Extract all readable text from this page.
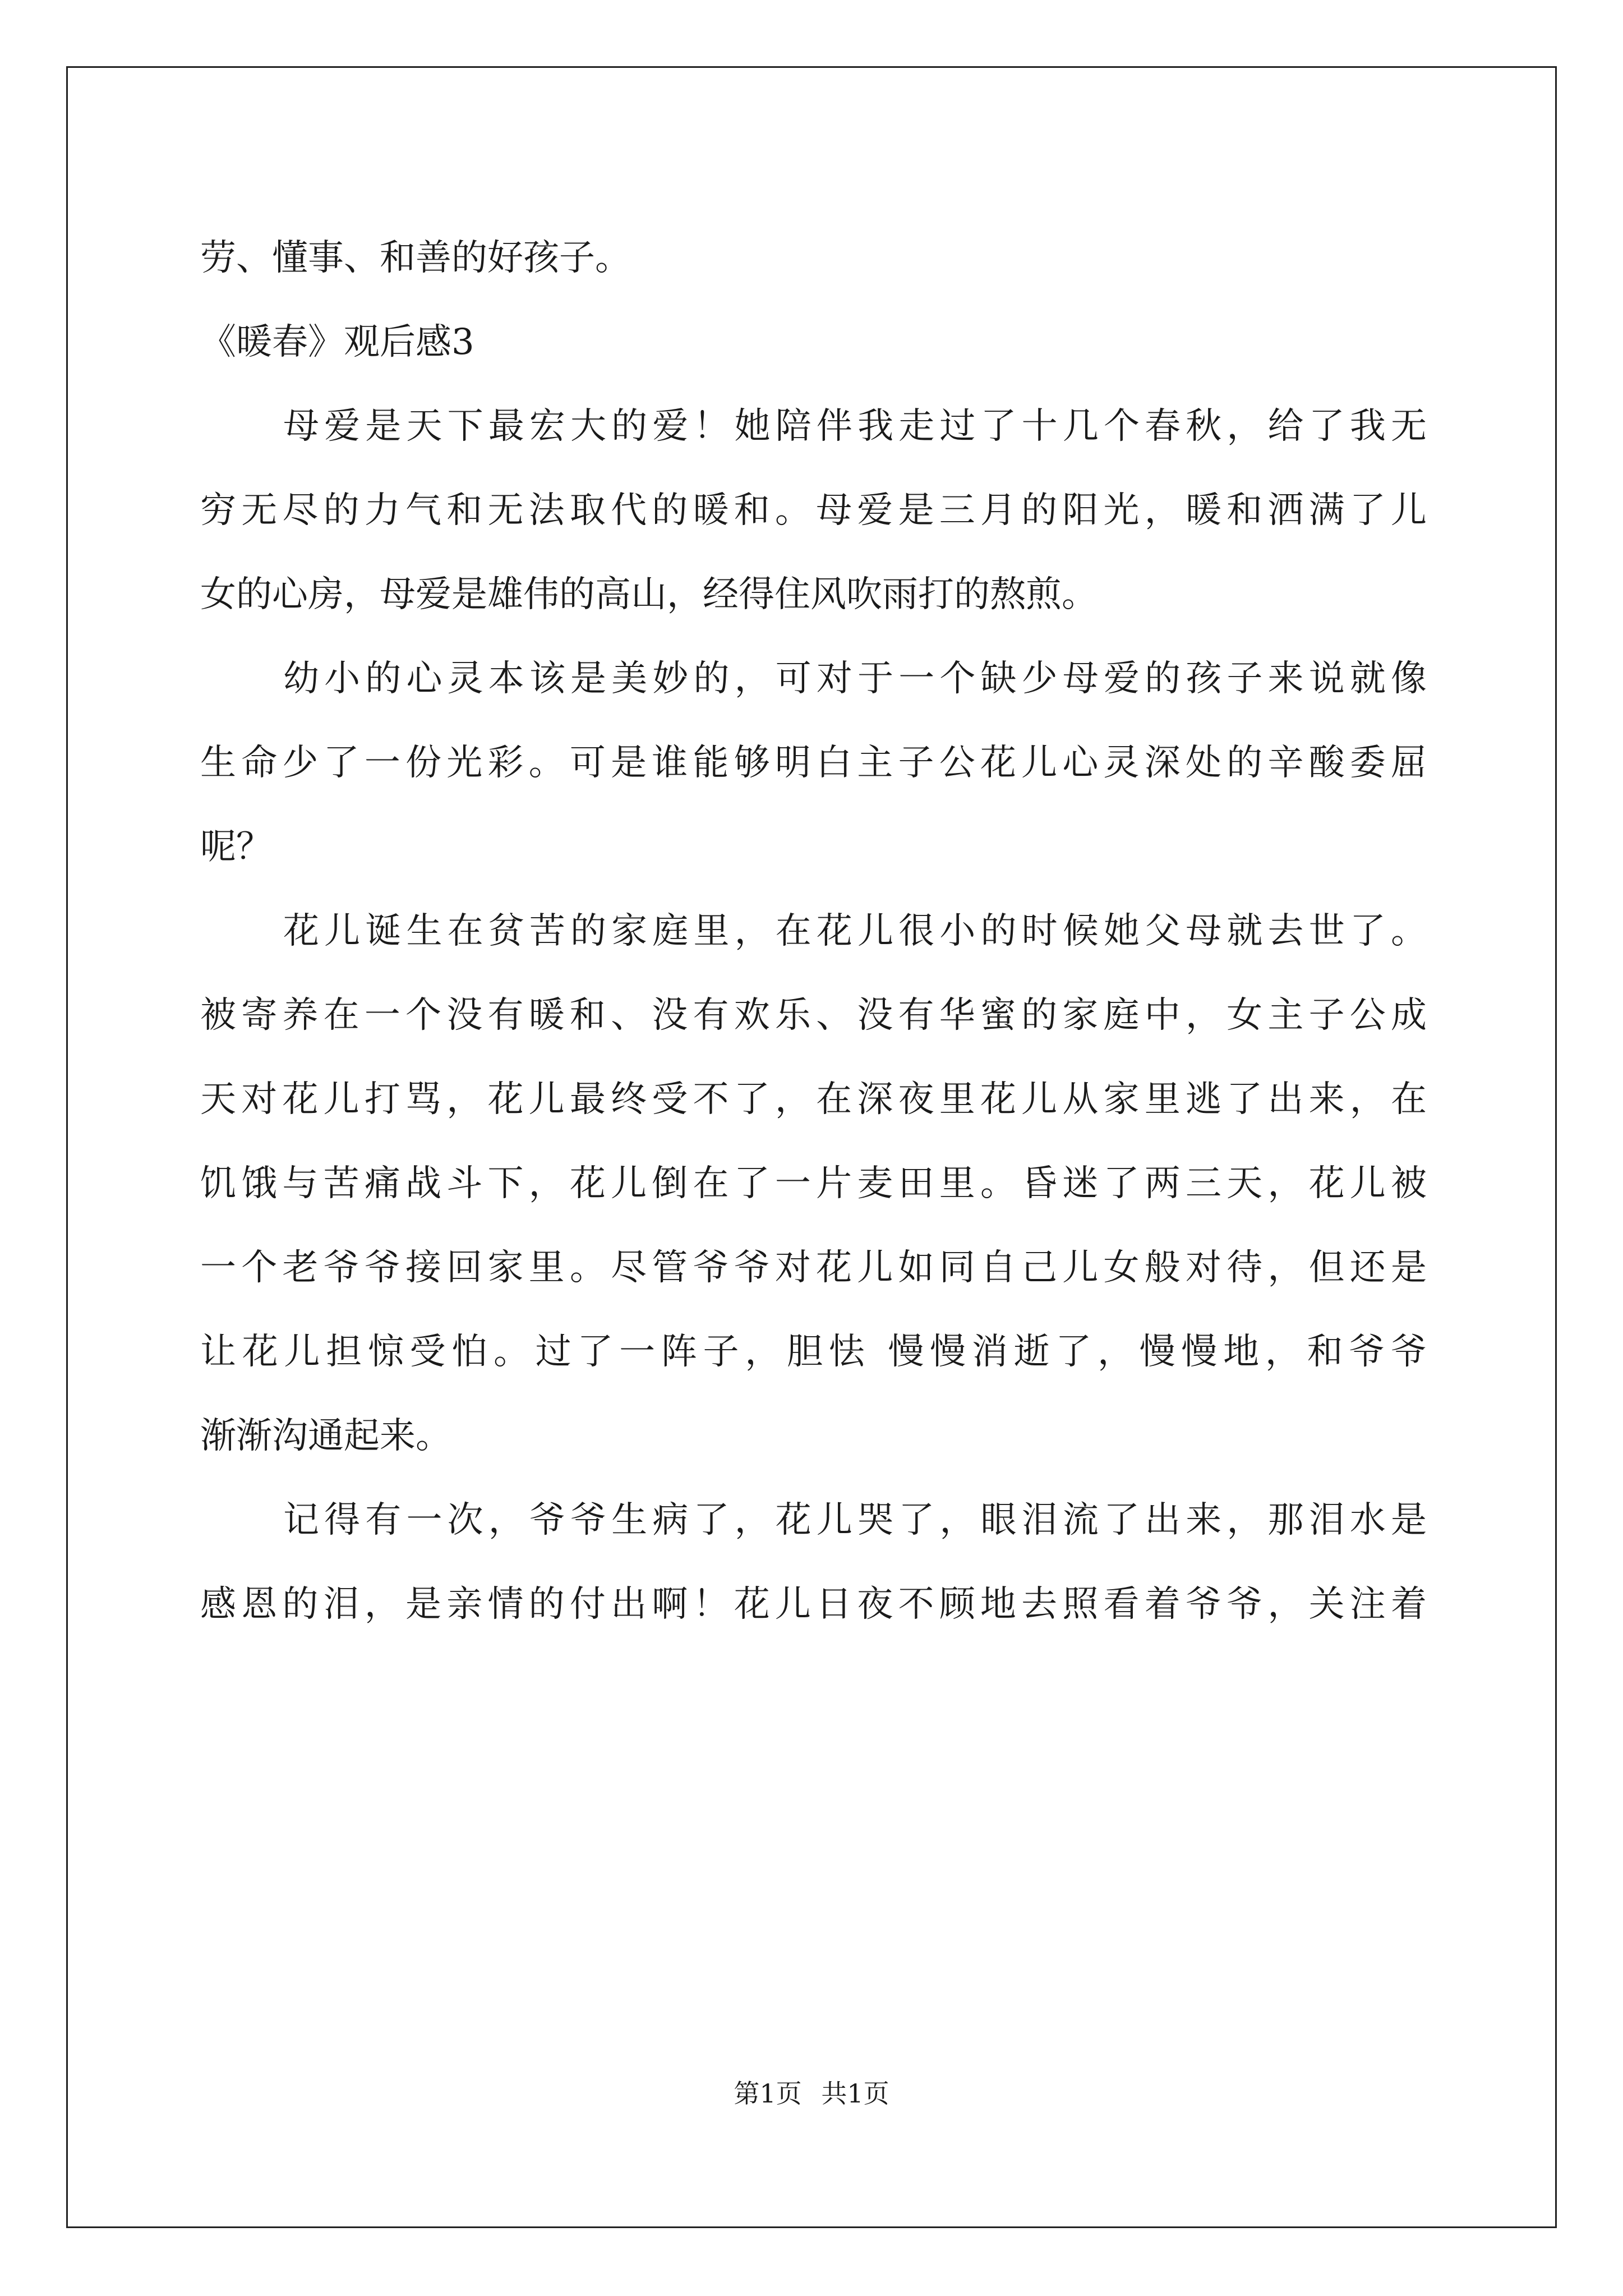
劳、懂事、和善的好孩子。
《暖春》观后感3
母爱是天下最宏大的爱！她陪伴我走过了十几个春秋，给了我无
穷无尽的力气和无法取代的暖和。母爱是三月的阳光，暖和洒满了儿
女的心房，母爱是雄伟的高山，经得住风吹雨打的熬煎。
幼小的心灵本该是美妙的，可对于一个缺少母爱的孩子来说就像
生命少了一份光彩。可是谁能够明白主子公花儿心灵深处的辛酸委屈
呢？
花儿诞生在贫苦的家庭里，在花儿很小的时候她父母就去世了。
被寄养在一个没有暖和、没有欢乐、没有华蜜的家庭中，女主子公成
天对花儿打骂，花儿最终受不了，在深夜里花儿从家里逃了出来，在
饥饿与苦痛战斗下，花儿倒在了一片麦田里。昏迷了两三天，花儿被
一个老爷爷接回家里。尽管爷爷对花儿如同自己儿女般对待，但还是
让花儿担惊受怕。过了一阵子，胆怯 慢慢消逝了，慢慢地，和爷爷
渐渐沟通起来。
记得有一次，爷爷生病了，花儿哭了，眼泪流了出来，那泪水是
感恩的泪，是亲情的付出啊！花儿日夜不顾地去照看着爷爷，关注着
第1页 共1页
